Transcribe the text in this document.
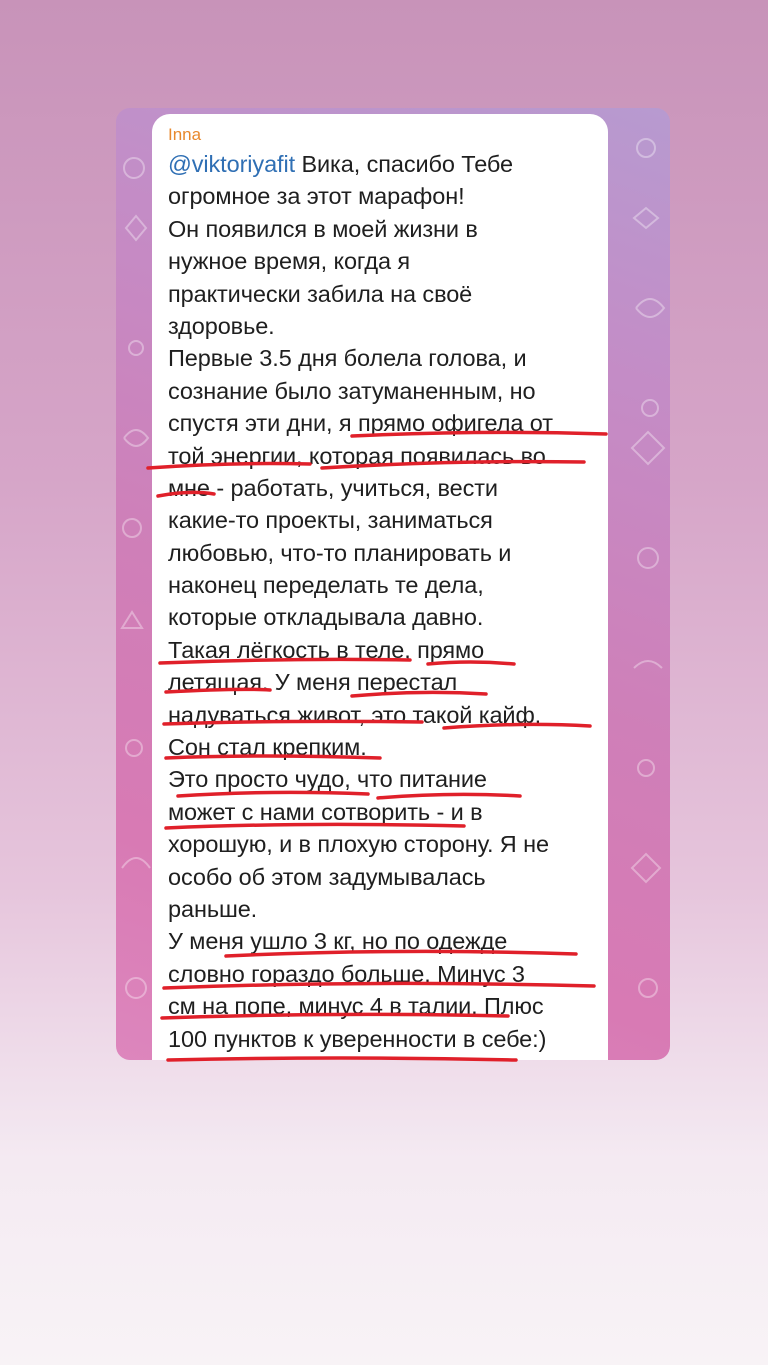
Inna
@viktoriyafit Вика, спасибо Тебе
огромное за этот марафон!
Он появился в моей жизни в
нужное время, когда я
практически забила на своё
здоровье.
Первые 3.5 дня болела голова, и
сознание было затуманенным, но
спустя эти дни, я прямо офигела от
той энергии, которая появилась во
мне - работать, учиться, вести
какие-то проекты, заниматься
любовью, что-то планировать и
наконец переделать те дела,
которые откладывала давно.
Такая лёгкость в теле, прямо
летящая. У меня перестал
надуваться живот, это такой кайф.
Сон стал крепким.
Это просто чудо, что питание
может с нами сотворить - и в
хорошую, и в плохую сторону. Я не
особо об этом задумывалась
раньше.
У меня ушло 3 кг, но по одежде
словно гораздо больше. Минус 3
см на попе, минус 4 в талии. Плюс
100 пунктов к уверенности в себе:)
